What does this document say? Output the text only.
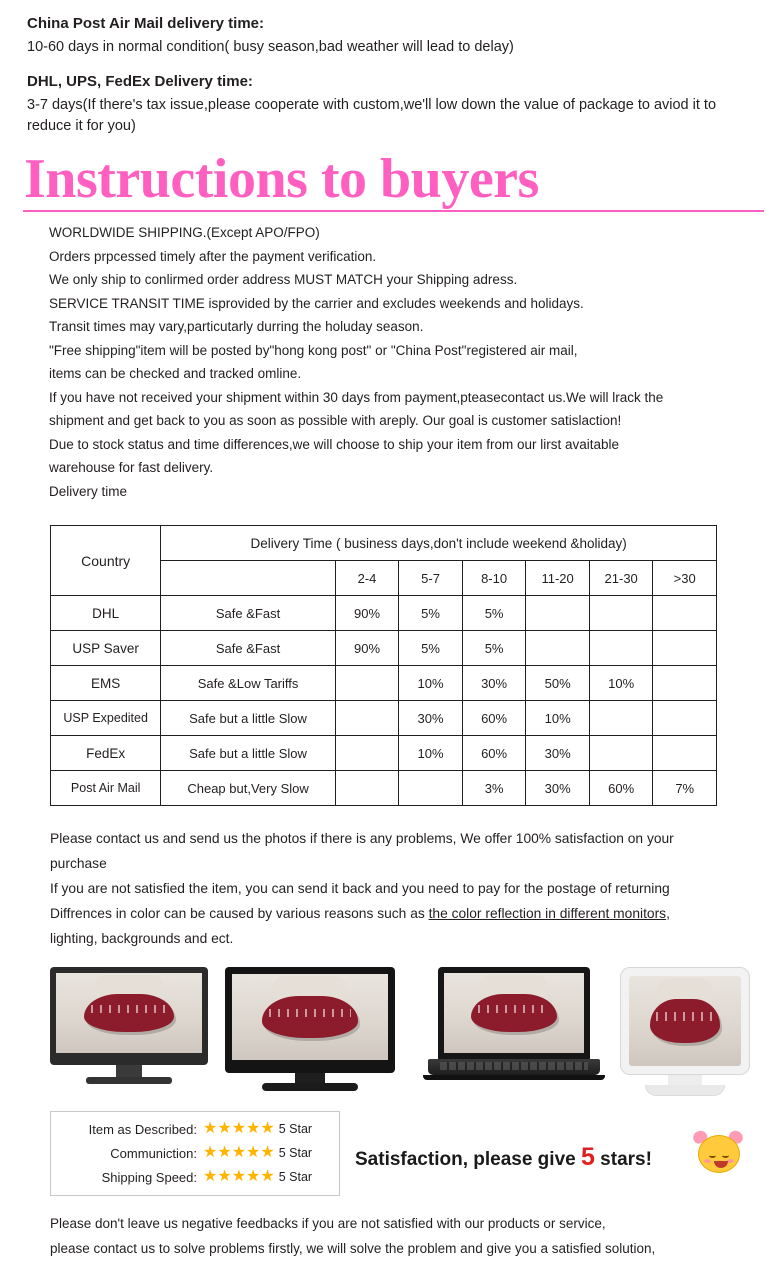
China Post Air Mail delivery time:
10-60 days in normal condition( busy season,bad weather will lead to delay)
DHL, UPS, FedEx Delivery time:
3-7 days(If there's tax issue,please cooperate with custom,we'll low down the value of package to aviod it to reduce it for you)
Instructions to buyers

WORLDWIDE SHIPPING.(Except APO/FPO)

Orders prpcessed timely after the payment verification.

We only ship to conlirmed order address MUST MATCH your Shipping adress.

SERVICE TRANSIT TIME isprovided by the carrier and excludes weekends and holidays.

Transit times may vary,particutarly durring the holuday season.

"Free shipping"item will be posted by"hong kong post" or "China Post"registered air mail,

items can be checked and tracked omline.

If you have not received your shipment within 30 days from payment,pteasecontact us.We will lrack the

shipment and get back to you as soon as possible with areply. Our goal is customer satislaction!

Due to stock status and time differences,we will choose to ship your item from our lirst avaitable

warehouse for fast delivery.

Delivery time

Country	Delivery Time ( business days,don't include weekend &holiday)						
		2-4	5-7	8-10	11-20	21-30	>30
DHL	Safe &Fast	90%	5%	5%			
USP Saver	Safe &Fast	90%	5%	5%			
EMS	Safe &Low Tariffs		10%	30%	50%	10%	
USP Expedited	Safe but a little Slow		30%	60%	10%		
FedEx	Safe but a little Slow		10%	60%	30%		
Post Air Mail	Cheap but,Very Slow			3%	30%	60%	7%

Please contact us and send us the photos if there is any problems, We offer 100% satisfaction on your

purchase

If you are not satisfied the item, you can send it back and you need to pay for the postage of returning

Diffrences in color can be caused by various reasons such as the color reflection in different monitors,

lighting, backgrounds and ect.

Item as Described: ★★★★★ 5 Star
Communiction: ★★★★★ 5 Star
Shipping Speed: ★★★★★ 5 Star
Satisfaction, please give 5 stars!

Please don't leave us negative feedbacks if you are not satisfied with our products or service,

please contact us to solve problems firstly, we will solve the problem and give you a satisfied solution,
